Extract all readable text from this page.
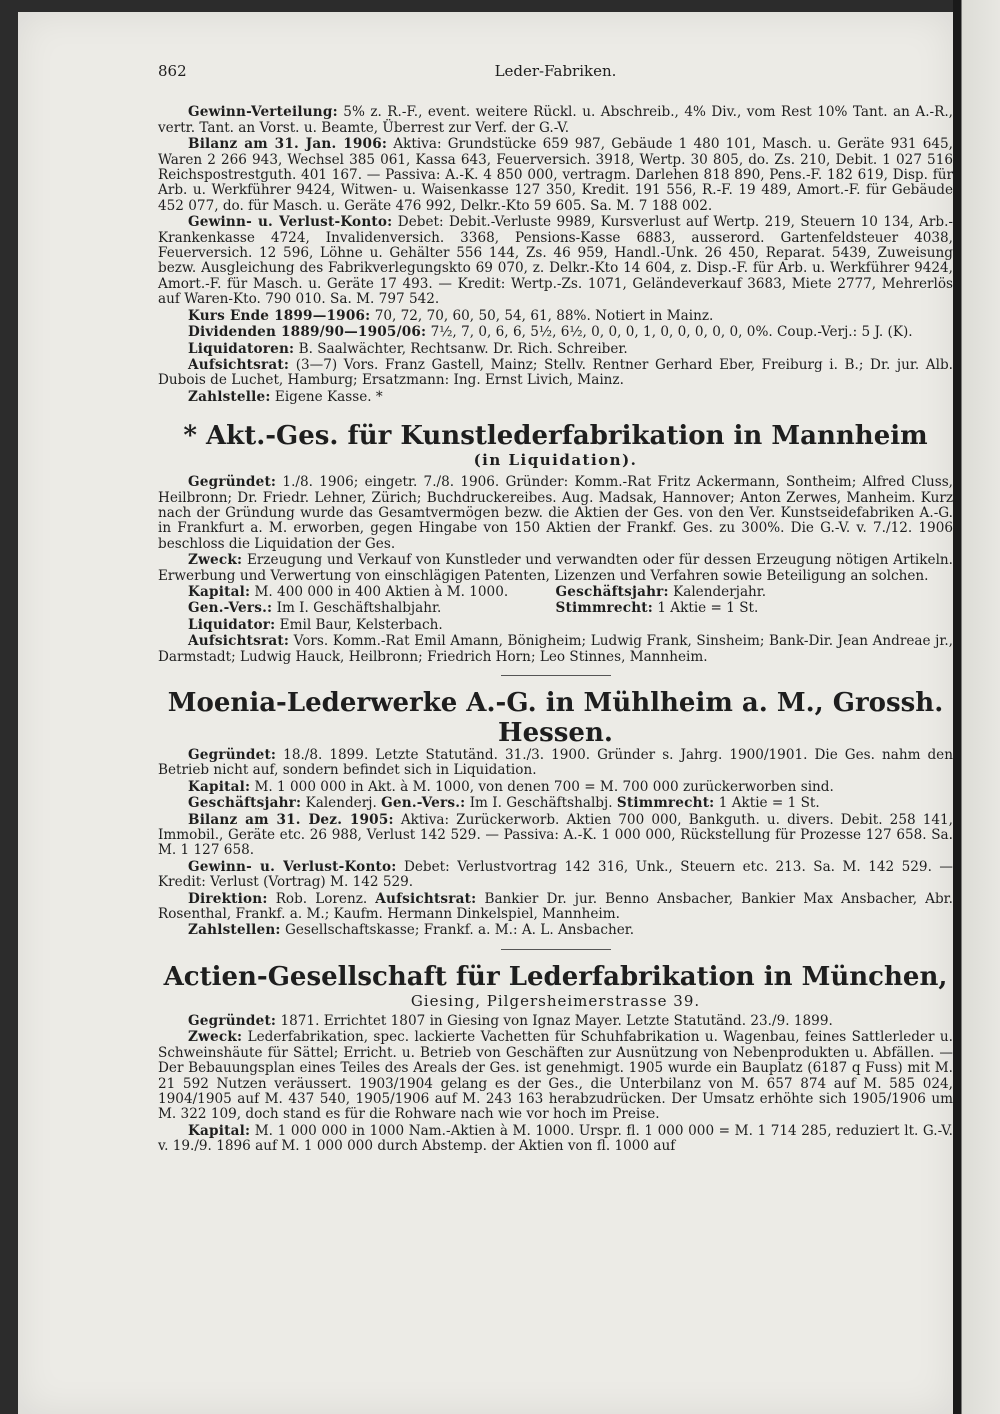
862	Leder-Fabriken.

Gewinn-Verteilung: 5% z. R.-F., event. weitere Rückl. u. Abschreib., 4% Div., vom Rest 10% Tant. an A.-R., vertr. Tant. an Vorst. u. Beamte, Überrest zur Verf. der G.-V.

Bilanz am 31. Jan. 1906: Aktiva: Grundstücke 659 987, Gebäude 1 480 101, Masch. u. Geräte 931 645, Waren 2 266 943, Wechsel 385 061, Kassa 643, Feuerversich. 3918, Wertp. 30 805, do. Zs. 210, Debit. 1 027 516 Reichspostrestguth. 401 167. — Passiva: A.-K. 4 850 000, vertragm. Darlehen 818 890, Pens.-F. 182 619, Disp. für Arb. u. Werkführer 9424, Witwen- u. Waisenkasse 127 350, Kredit. 191 556, R.-F. 19 489, Amort.-F. für Gebäude 452 077, do. für Masch. u. Geräte 476 992, Delkr.-Kto 59 605. Sa. M. 7 188 002.

Gewinn- u. Verlust-Konto: Debet: Debit.-Verluste 9989, Kursverlust auf Wertp. 219, Steuern 10 134, Arb.-Krankenkasse 4724, Invalidenversich. 3368, Pensions-Kasse 6883, ausserord. Gartenfeldsteuer 4038, Feuerversich. 12 596, Löhne u. Gehälter 556 144, Zs. 46 959, Handl.-Unk. 26 450, Reparat. 5439, Zuweisung bezw. Ausgleichung des Fabrikverlegungskto 69 070, z. Delkr.-Kto 14 604, z. Disp.-F. für Arb. u. Werkführer 9424, Amort.-F. für Masch. u. Geräte 17 493. — Kredit: Wertp.-Zs. 1071, Geländeverkauf 3683, Miete 2777, Mehrerlös auf Waren-Kto. 790 010. Sa. M. 797 542.

Kurs Ende 1899—1906: 70, 72, 70, 60, 50, 54, 61, 88%. Notiert in Mainz.

Dividenden 1889/90—1905/06: 7½, 7, 0, 6, 6, 5½, 6½, 0, 0, 0, 1, 0, 0, 0, 0, 0, 0%. Coup.-Verj.: 5 J. (K).

Liquidatoren: B. Saalwächter, Rechtsanw. Dr. Rich. Schreiber.

Aufsichtsrat: (3—7) Vors. Franz Gastell, Mainz; Stellv. Rentner Gerhard Eber, Freiburg i. B.; Dr. jur. Alb. Dubois de Luchet, Hamburg; Ersatzmann: Ing. Ernst Livich, Mainz.

Zahlstelle: Eigene Kasse. *

* Akt.-Ges. für Kunstlederfabrikation in Mannheim
(in Liquidation).

Gegründet: 1./8. 1906; eingetr. 7./8. 1906. Gründer: Komm.-Rat Fritz Ackermann, Sontheim; Alfred Cluss, Heilbronn; Dr. Friedr. Lehner, Zürich; Buchdruckereibes. Aug. Madsak, Hannover; Anton Zerwes, Manheim. Kurz nach der Gründung wurde das Gesamtvermögen bezw. die Aktien der Ges. von den Ver. Kunstseidefabriken A.-G. in Frankfurt a. M. erworben, gegen Hingabe von 150 Aktien der Frankf. Ges. zu 300%. Die G.-V. v. 7./12. 1906 beschloss die Liquidation der Ges.

Zweck: Erzeugung und Verkauf von Kunstleder und verwandten oder für dessen Erzeugung nötigen Artikeln. Erwerbung und Verwertung von einschlägigen Patenten, Lizenzen und Verfahren sowie Beteiligung an solchen.

Kapital: M. 400 000 in 400 Aktien à M. 1000.	Geschäftsjahr: Kalenderjahr.

Gen.-Vers.: Im I. Geschäftshalbjahr.	Stimmrecht: 1 Aktie = 1 St.

Liquidator: Emil Baur, Kelsterbach.

Aufsichtsrat: Vors. Komm.-Rat Emil Amann, Bönigheim; Ludwig Frank, Sinsheim; Bank-Dir. Jean Andreae jr., Darmstadt; Ludwig Hauck, Heilbronn; Friedrich Horn; Leo Stinnes, Mannheim.

Moenia-Lederwerke A.-G. in Mühlheim a. M., Grossh. Hessen.

Gegründet: 18./8. 1899. Letzte Statutänd. 31./3. 1900. Gründer s. Jahrg. 1900/1901. Die Ges. nahm den Betrieb nicht auf, sondern befindet sich in Liquidation.

Kapital: M. 1 000 000 in Akt. à M. 1000, von denen 700 = M. 700 000 zurückerworben sind.

Geschäftsjahr: Kalenderj. Gen.-Vers.: Im I. Geschäftshalbj. Stimmrecht: 1 Aktie = 1 St.

Bilanz am 31. Dez. 1905: Aktiva: Zurückerworb. Aktien 700 000, Bankguth. u. divers. Debit. 258 141, Immobil., Geräte etc. 26 988, Verlust 142 529. — Passiva: A.-K. 1 000 000, Rückstellung für Prozesse 127 658. Sa. M. 1 127 658.

Gewinn- u. Verlust-Konto: Debet: Verlustvortrag 142 316, Unk., Steuern etc. 213. Sa. M. 142 529. — Kredit: Verlust (Vortrag) M. 142 529.

Direktion: Rob. Lorenz. Aufsichtsrat: Bankier Dr. jur. Benno Ansbacher, Bankier Max Ansbacher, Abr. Rosenthal, Frankf. a. M.; Kaufm. Hermann Dinkelspiel, Mannheim.

Zahlstellen: Gesellschaftskasse; Frankf. a. M.: A. L. Ansbacher.

Actien-Gesellschaft für Lederfabrikation in München,
Giesing, Pilgersheimerstrasse 39.

Gegründet: 1871. Errichtet 1807 in Giesing von Ignaz Mayer. Letzte Statutänd. 23./9. 1899.

Zweck: Lederfabrikation, spec. lackierte Vachetten für Schuhfabrikation u. Wagenbau, feines Sattlerleder u. Schweinshäute für Sättel; Erricht. u. Betrieb von Geschäften zur Ausnützung von Nebenprodukten u. Abfällen. — Der Bebauungsplan eines Teiles des Areals der Ges. ist genehmigt. 1905 wurde ein Bauplatz (6187 q Fuss) mit M. 21 592 Nutzen veräussert. 1903/1904 gelang es der Ges., die Unterbilanz von M. 657 874 auf M. 585 024, 1904/1905 auf M. 437 540, 1905/1906 auf M. 243 163 herabzudrücken. Der Umsatz erhöhte sich 1905/1906 um M. 322 109, doch stand es für die Rohware nach wie vor hoch im Preise.

Kapital: M. 1 000 000 in 1000 Nam.-Aktien à M. 1000. Urspr. fl. 1 000 000 = M. 1 714 285, reduziert lt. G.-V. v. 19./9. 1896 auf M. 1 000 000 durch Abstemp. der Aktien von fl. 1000 auf
